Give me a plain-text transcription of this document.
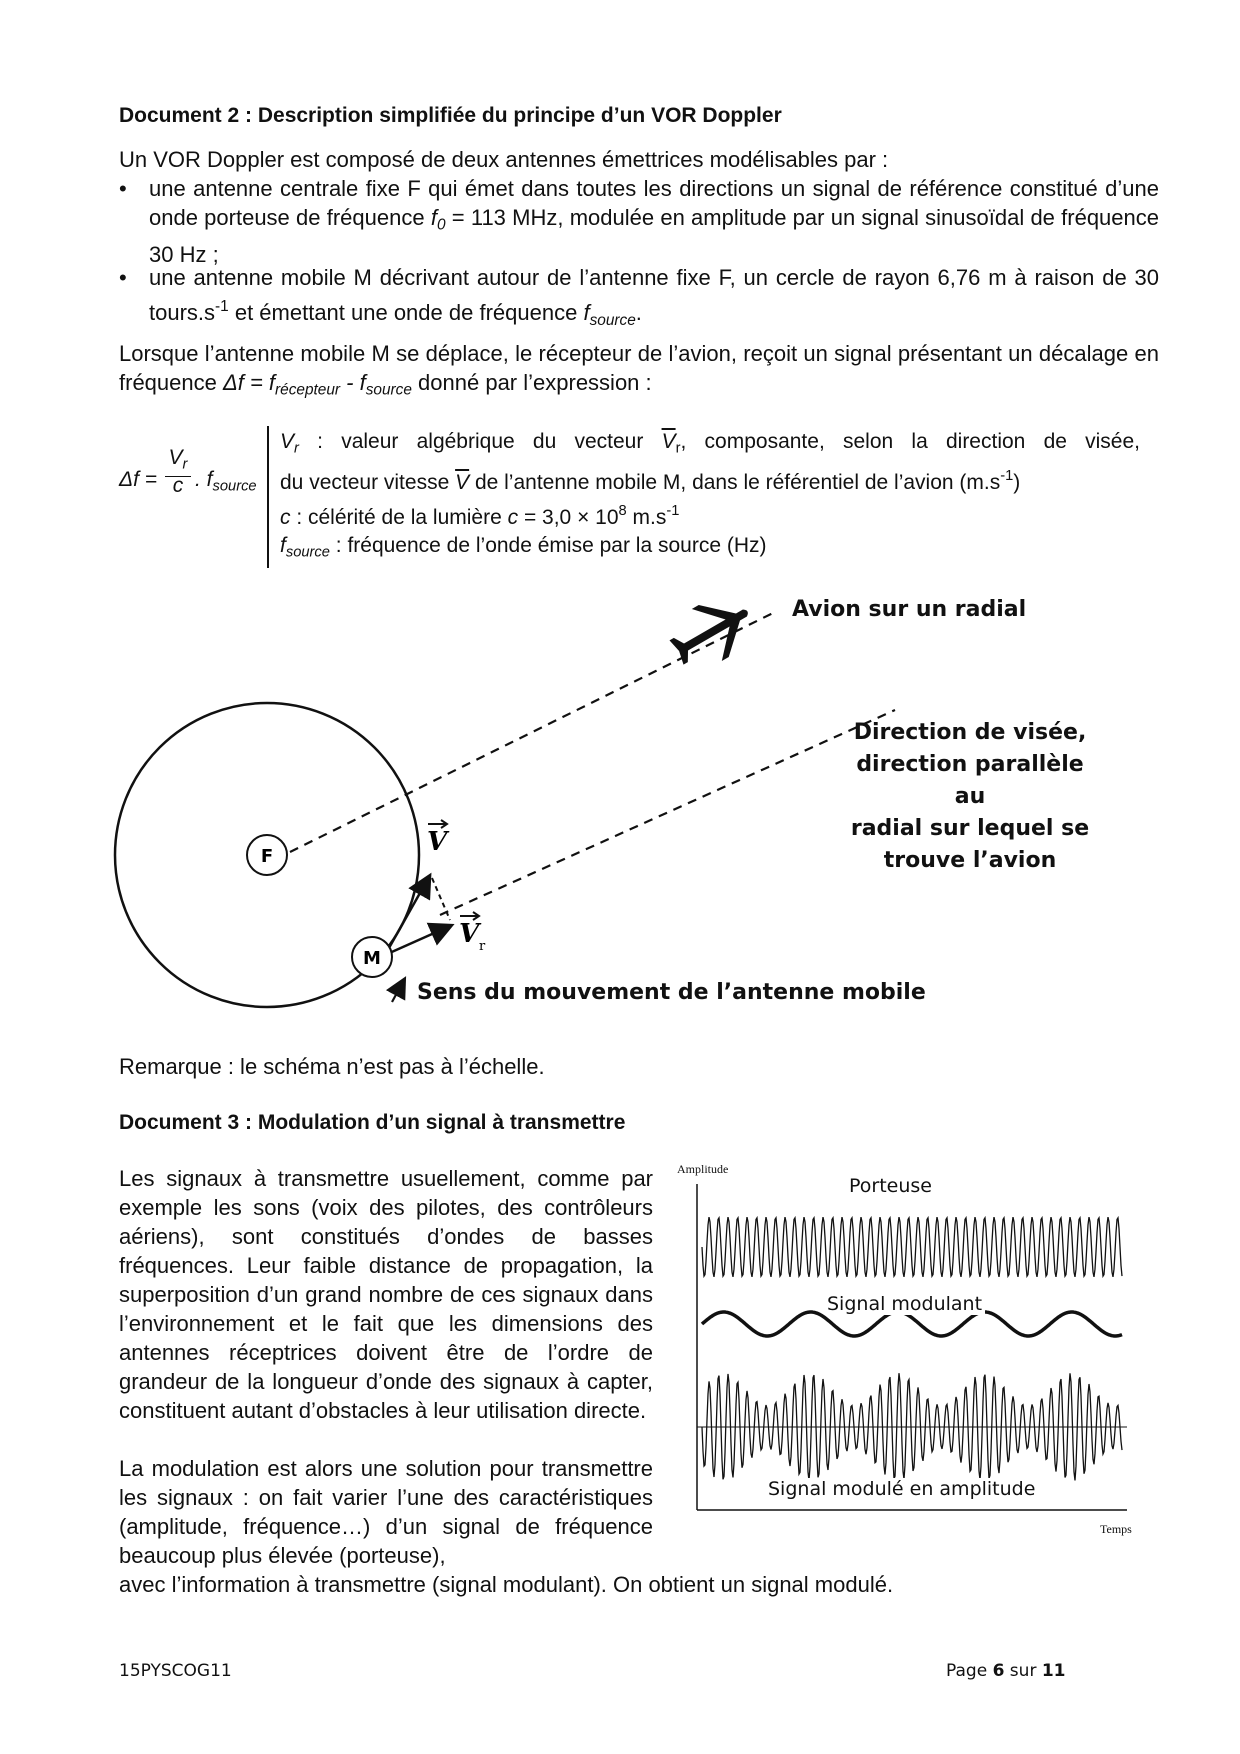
Document 2 : Description simplifiée du principe d’un VOR Doppler
Un VOR Doppler est composé de deux antennes émettrices modélisables par :
• une antenne centrale fixe F qui émet dans toutes les directions un signal de référence constitué d’une onde porteuse de fréquence $f_0 = 113$ MHz, modulée en amplitude par un signal sinusoïdal de fréquence 30 Hz ;
• une antenne mobile M décrivant autour de l’antenne fixe F, un cercle de rayon 6,76 m à raison de 30 $tours.s^{-1}$ et émettant une onde de fréquence $f_{source}$.
Lorsque l’antenne mobile M se déplace, le récepteur de l’avion, reçoit un signal présentant un décalage en fréquence $\Delta f = f_{récepteur} - f_{source}$ donné par l’expression :
Δf =
$V_r$
c . $f_{source}$
$V_r$ : valeur algébrique du vecteur $\overline{V}_r$, composante, selon la direction de visée,
du vecteur vitesse $\overline{V}$ de l’antenne mobile M, dans le référentiel de l’avion $(m.s^{-1})$
c : célérité de la lumière $c = 3,0 \times 10^8$ $m.s^{-1}$
$f_{source}$ : fréquence de l’onde émise par la source (Hz)
F
M
V
V r
Avion sur un radial
Direction de visée,
direction parallèle au
radial sur lequel se
trouve l’avion
Sens du mouvement de l’antenne mobile
Remarque : le schéma n’est pas à l’échelle.
Document 3 : Modulation d’un signal à transmettre
Les signaux à transmettre usuellement, comme par exemple les sons (voix des pilotes, des contrôleurs aériens), sont constitués d’ondes de basses fréquences. Leur faible distance de propagation, la superposition d’un grand nombre de ces signaux dans l’environnement et le fait que les dimensions des antennes réceptrices doivent être de l’ordre de grandeur de la longueur d’onde des signaux à capter, constituent autant d’obstacles à leur utilisation directe.
La modulation est alors une solution pour transmettre les signaux : on fait varier l’une des caractéristiques (amplitude, fréquence…) d’un signal de fréquence beaucoup plus élevée (porteuse),
avec l’information à transmettre (signal modulant). On obtient un signal modulé.
Amplitude
Temps
Porteuse
Signal modulant
Signal modulé en amplitude
15PYSCOG11	Page 6 sur 11
